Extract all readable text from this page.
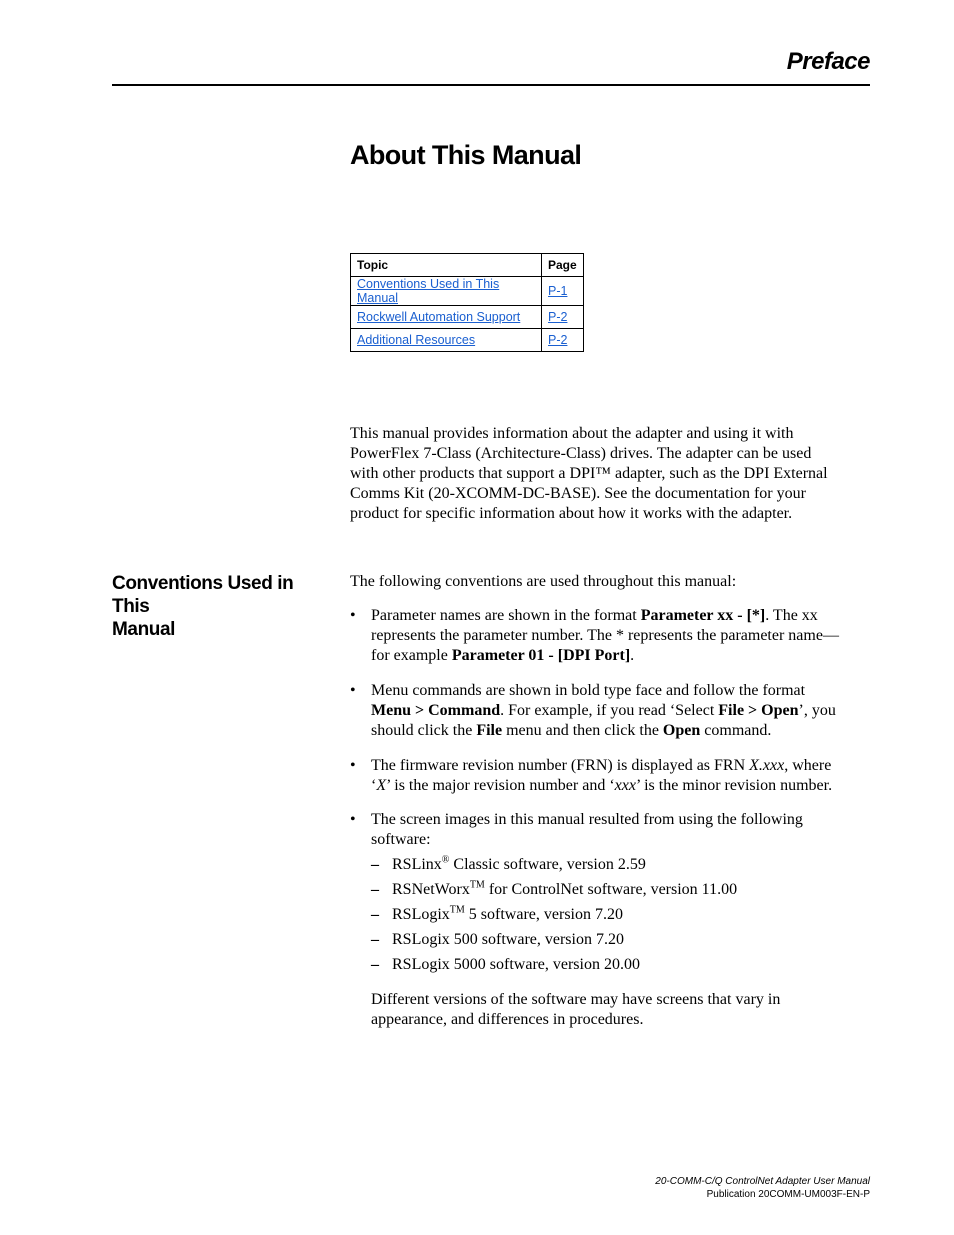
Preface
About This Manual
Topic	Page
Conventions Used in This Manual	P-1
Rockwell Automation Support	P-2
Additional Resources	P-2
This manual provides information about the adapter and using it with
PowerFlex 7-Class (Architecture-Class) drives. The adapter can be used
with other products that support a DPI™ adapter, such as the DPI External
Comms Kit (20-XCOMM-DC-BASE). See the documentation for your
product for specific information about how it works with the adapter.
Conventions Used in This
Manual
The following conventions are used throughout this manual:
• Parameter names are shown in the format Parameter xx - [*]. The xx
represents the parameter number. The * represents the parameter name—
for example Parameter 01 - [DPI Port].
• Menu commands are shown in bold type face and follow the format
Menu > Command. For example, if you read ‘Select File > Open’, you
should click the File menu and then click the Open command.
• The firmware revision number (FRN) is displayed as FRN X.xxx, where
‘X’ is the major revision number and ‘xxx’ is the minor revision number.
• The screen images in this manual resulted from using the following
software:
– RSLinx® Classic software, version 2.59
– RSNetWorx™ for ControlNet software, version 11.00
– RSLogix™ 5 software, version 7.20
– RSLogix 500 software, version 7.20
– RSLogix 5000 software, version 20.00
Different versions of the software may have screens that vary in
appearance, and differences in procedures.
20-COMM-C/Q ControlNet Adapter User Manual
Publication 20COMM-UM003F-EN-P
